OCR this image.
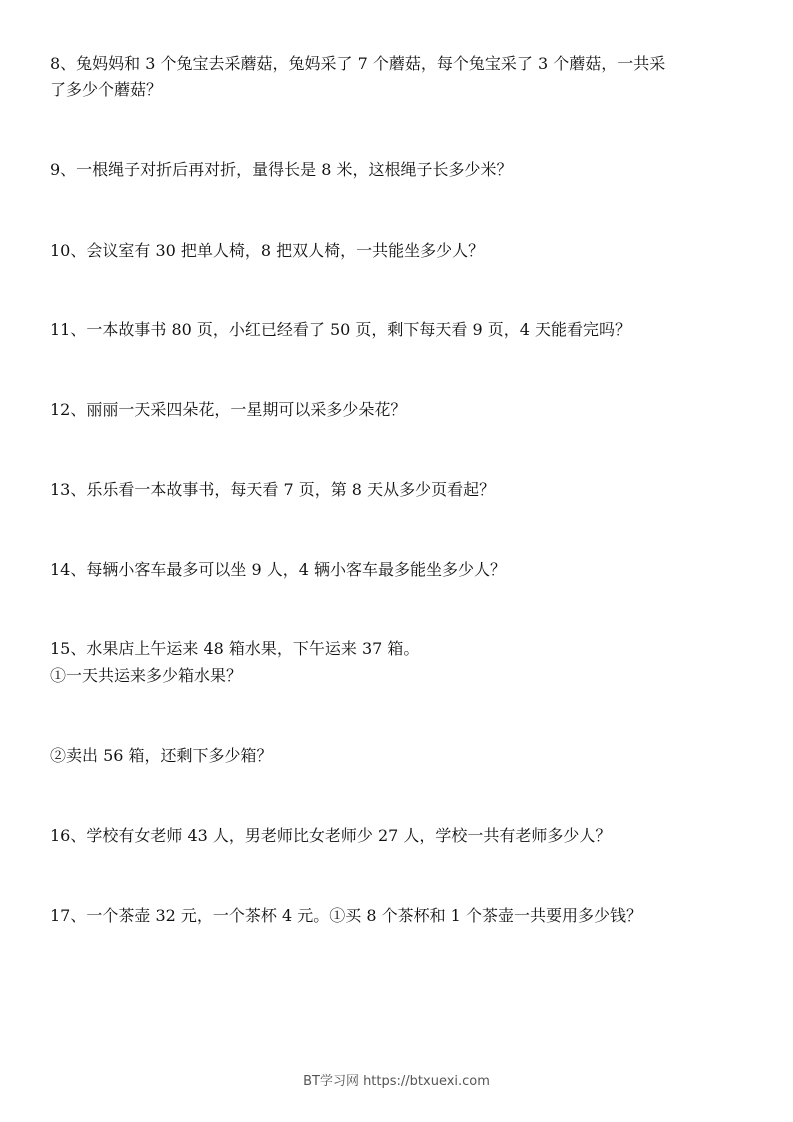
8、兔妈妈和 3 个兔宝去采蘑菇，兔妈采了 7 个蘑菇，每个兔宝采了 3 个蘑菇，一共采
了多少个蘑菇？
9、一根绳子对折后再对折，量得长是 8 米，这根绳子长多少米？
10、会议室有 30 把单人椅，8 把双人椅，一共能坐多少人？
11、一本故事书 80 页，小红已经看了 50 页，剩下每天看 9 页，4 天能看完吗？
12、丽丽一天采四朵花，一星期可以采多少朵花？
13、乐乐看一本故事书，每天看 7 页，第 8 天从多少页看起？
14、每辆小客车最多可以坐 9 人，4 辆小客车最多能坐多少人？
15、水果店上午运来 48 箱水果，下午运来 37 箱。
①一天共运来多少箱水果？
②卖出 56 箱，还剩下多少箱？
16、学校有女老师 43 人，男老师比女老师少 27 人，学校一共有老师多少人？
17、一个茶壶 32 元，一个茶杯 4 元。①买 8 个茶杯和 1 个茶壶一共要用多少钱？
BT学习网 https://btxuexi.com
